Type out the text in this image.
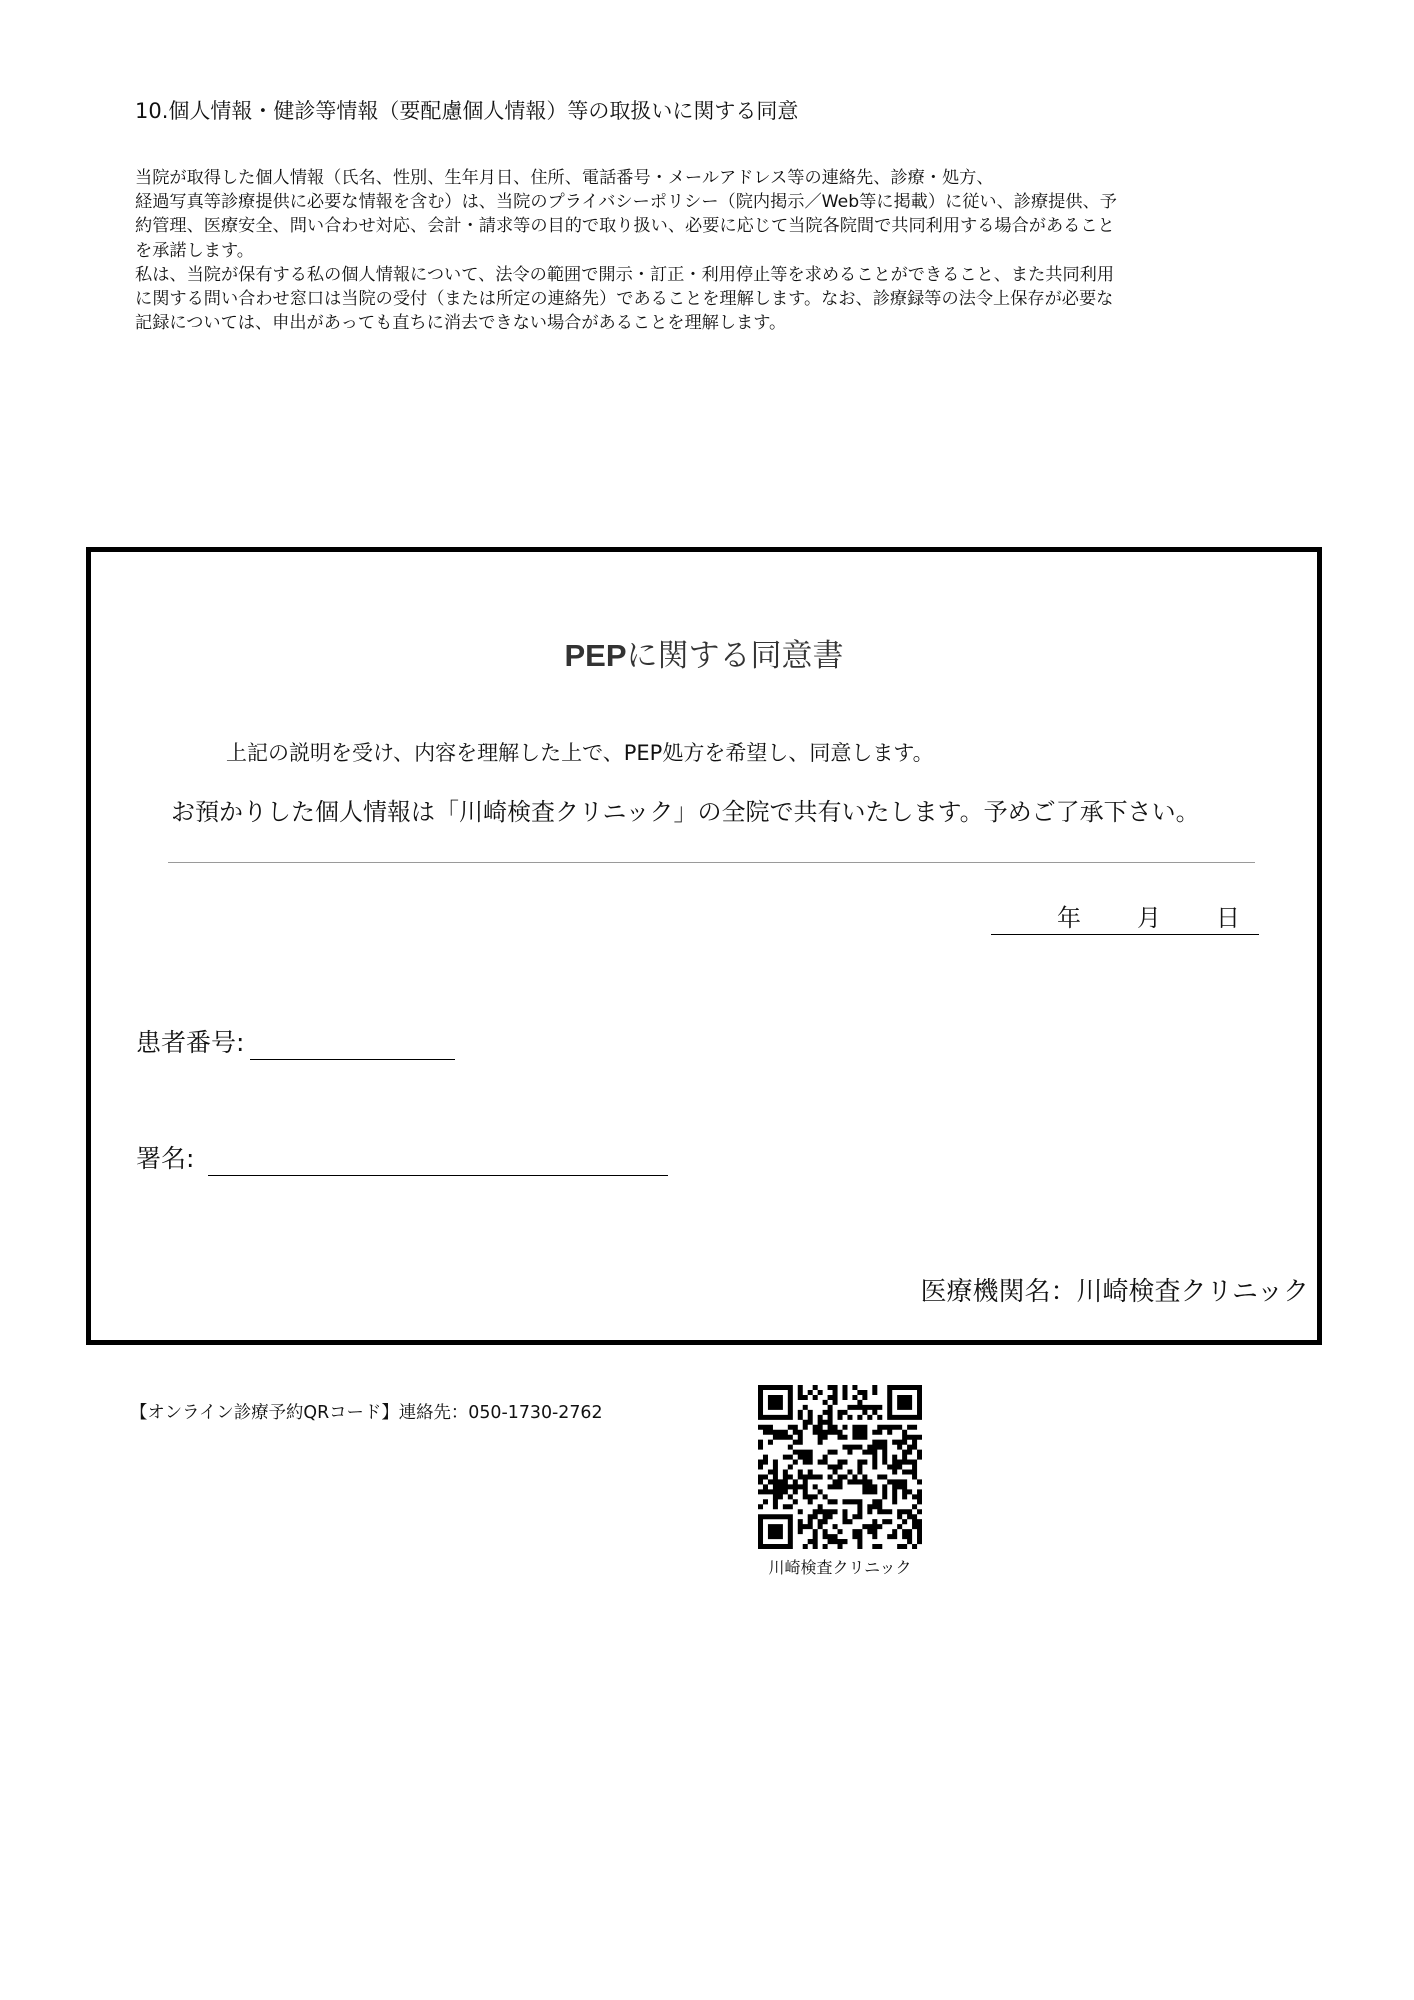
10.個人情報・健診等情報（要配慮個人情報）等の取扱いに関する同意

当院が取得した個人情報（氏名、性別、生年月日、住所、電話番号・メールアドレス等の連絡先、診療・処方、

経過写真等診療提供に必要な情報を含む）は、当院のプライバシーポリシー（院内掲示／Web等に掲載）に従い、診療提供、予

約管理、医療安全、問い合わせ対応、会計・請求等の目的で取り扱い、必要に応じて当院各院間で共同利用する場合があること

を承諾します。

私は、当院が保有する私の個人情報について、法令の範囲で開示・訂正・利用停止等を求めることができること、また共同利用

に関する問い合わせ窓口は当院の受付（または所定の連絡先）であることを理解します。なお、診療録等の法令上保存が必要な

記録については、申出があっても直ちに消去できない場合があることを理解します。

PEPに関する同意書
上記の説明を受け、内容を理解した上で、PEP処方を希望し、同意します。
お預かりした個人情報は「川崎検査クリニック」の全院で共有いたします。予めご了承下さい。
年 月 日
患者番号:
署名:
医療機関名：川崎検査クリニック
【オンライン診療予約QRコード】連絡先：050-1730-2762
川崎検査クリニック
